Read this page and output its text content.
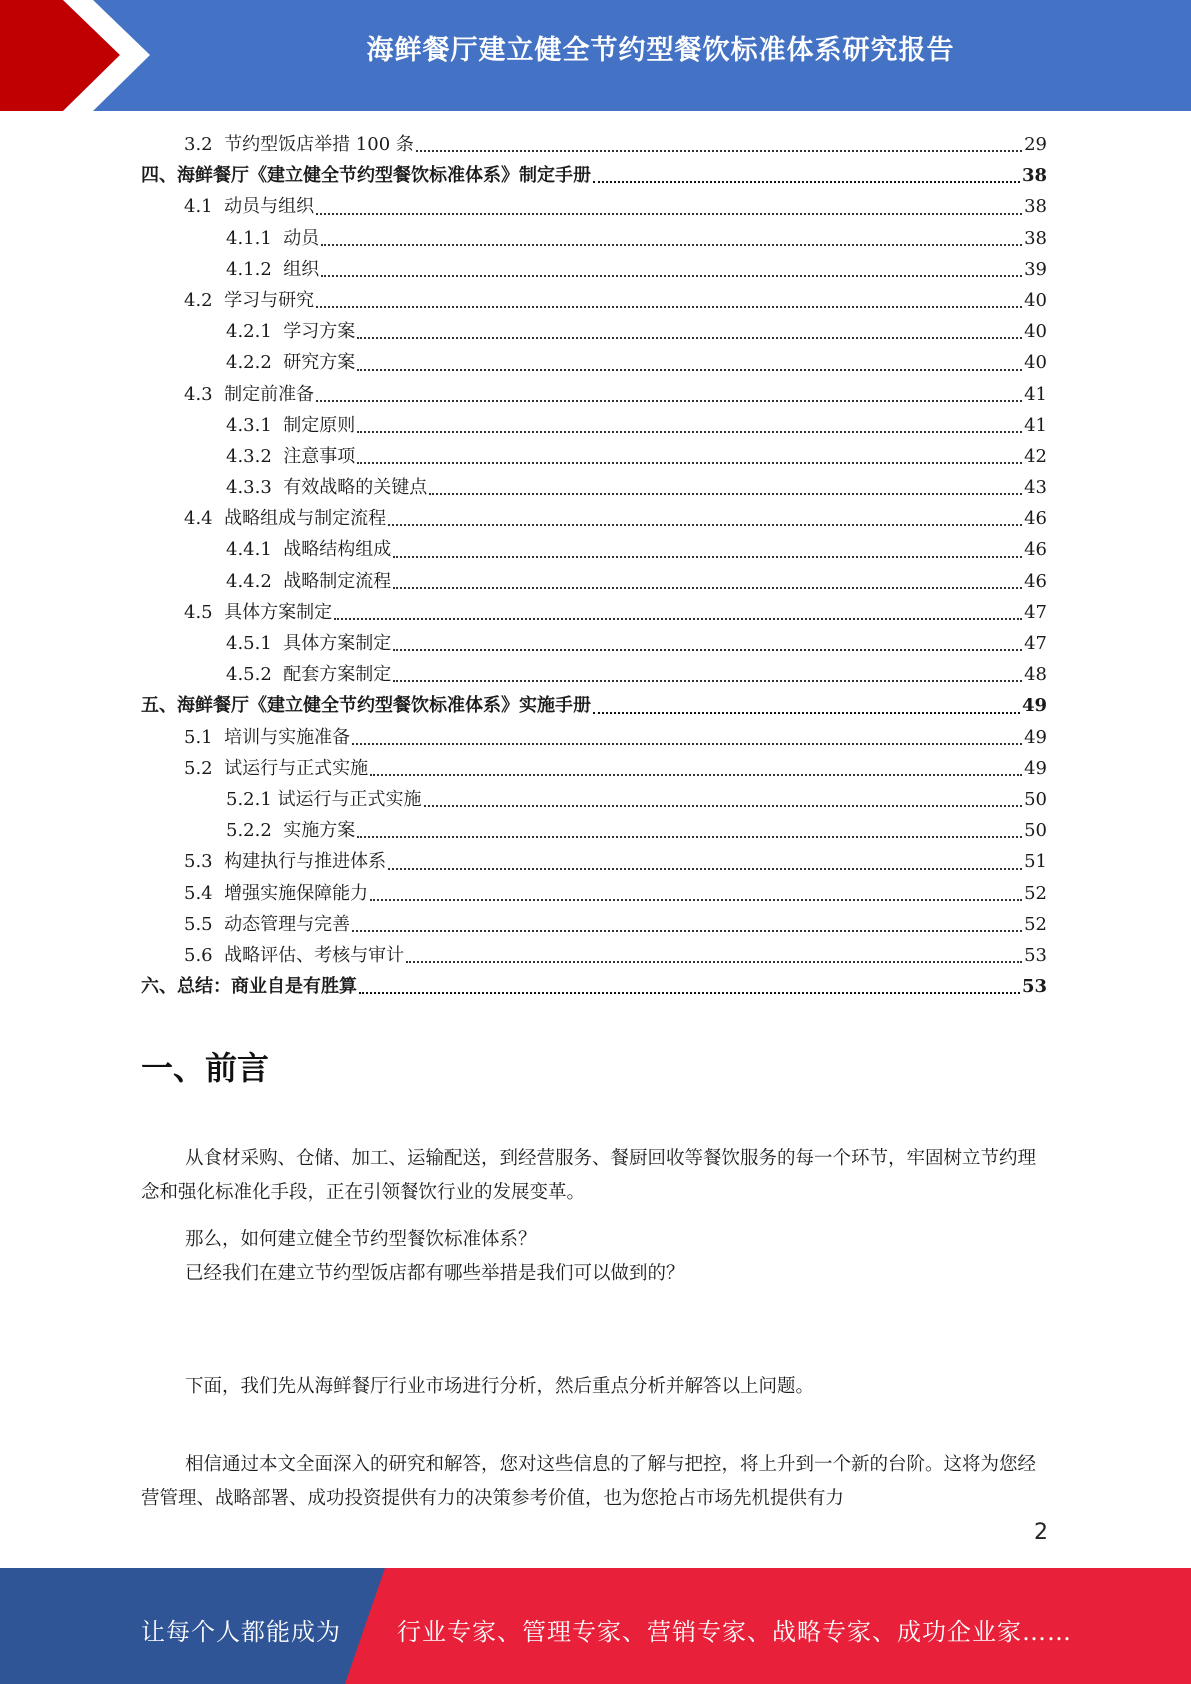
海鲜餐厅建立健全节约型餐饮标准体系研究报告
3.2 节约型饭店举措 100 条	29
四、 海鲜餐厅《建立健全节约型餐饮标准体系》制定手册	38
4.1 动员与组织	38
4.1.1 动员	38
4.1.2 组织	39
4.2 学习与研究	40
4.2.1 学习方案	40
4.2.2 研究方案	40
4.3 制定前准备	41
4.3.1 制定原则	41
4.3.2 注意事项	42
4.3.3 有效战略的关键点	43
4.4 战略组成与制定流程	46
4.4.1 战略结构组成	46
4.4.2 战略制定流程	46
4.5 具体方案制定	47
4.5.1 具体方案制定	47
4.5.2 配套方案制定	48
五、 海鲜餐厅《建立健全节约型餐饮标准体系》实施手册	49
5.1 培训与实施准备	49
5.2 试运行与正式实施	49
5.2.1 试运行与正式实施	50
5.2.2 实施方案	50
5.3 构建执行与推进体系	51
5.4 增强实施保障能力	52
5.5 动态管理与完善	52
5.6 战略评估、考核与审计	53
六、 总结：商业自是有胜算	53
一、前言

从食材采购、仓储、加工、运输配送，到经营服务、餐厨回收等餐饮服务的每一个环节，牢固树立节约理念和强化标准化手段，正在引领餐饮行业的发展变革。

那么，如何建立健全节约型餐饮标准体系？
已经我们在建立节约型饭店都有哪些举措是我们可以做到的？

下面，我们先从海鲜餐厅行业市场进行分析，然后重点分析并解答以上问题。

相信通过本文全面深入的研究和解答，您对这些信息的了解与把控，将上升到一个新的台阶。这将为您经营管理、战略部署、成功投资提供有力的决策参考价值，也为您抢占市场先机提供有力

2
让每个人都能成为 行业专家、管理专家、营销专家、战略专家、成功企业家……
